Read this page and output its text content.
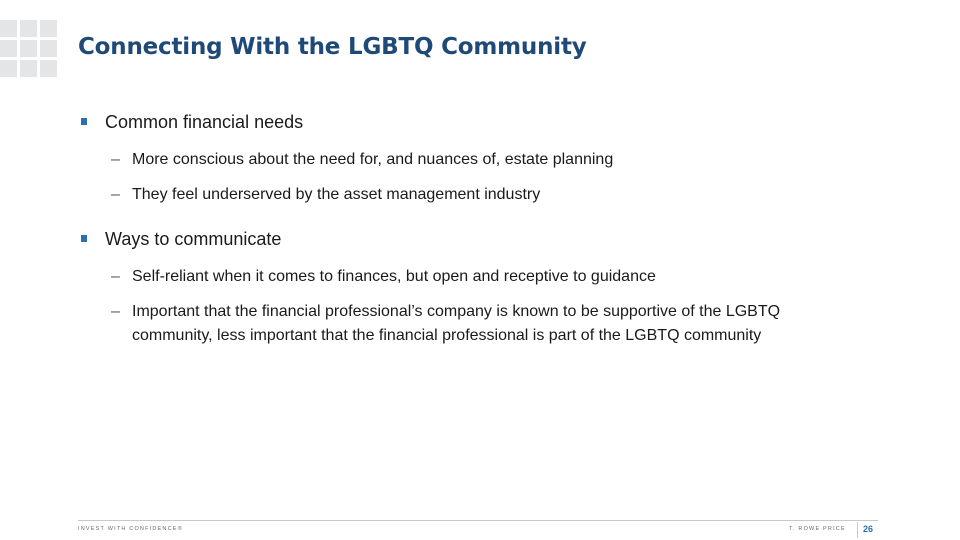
Connecting With the LGBTQ Community
Common financial needs
– More conscious about the need for, and nuances of, estate planning
– They feel underserved by the asset management industry
Ways to communicate
– Self-reliant when it comes to finances, but open and receptive to guidance
– Important that the financial professional’s company is known to be supportive of the LGBTQ community, less important that the financial professional is part of the LGBTQ community
INVEST WITH CONFIDENCE®	T. ROWE PRICE 26
